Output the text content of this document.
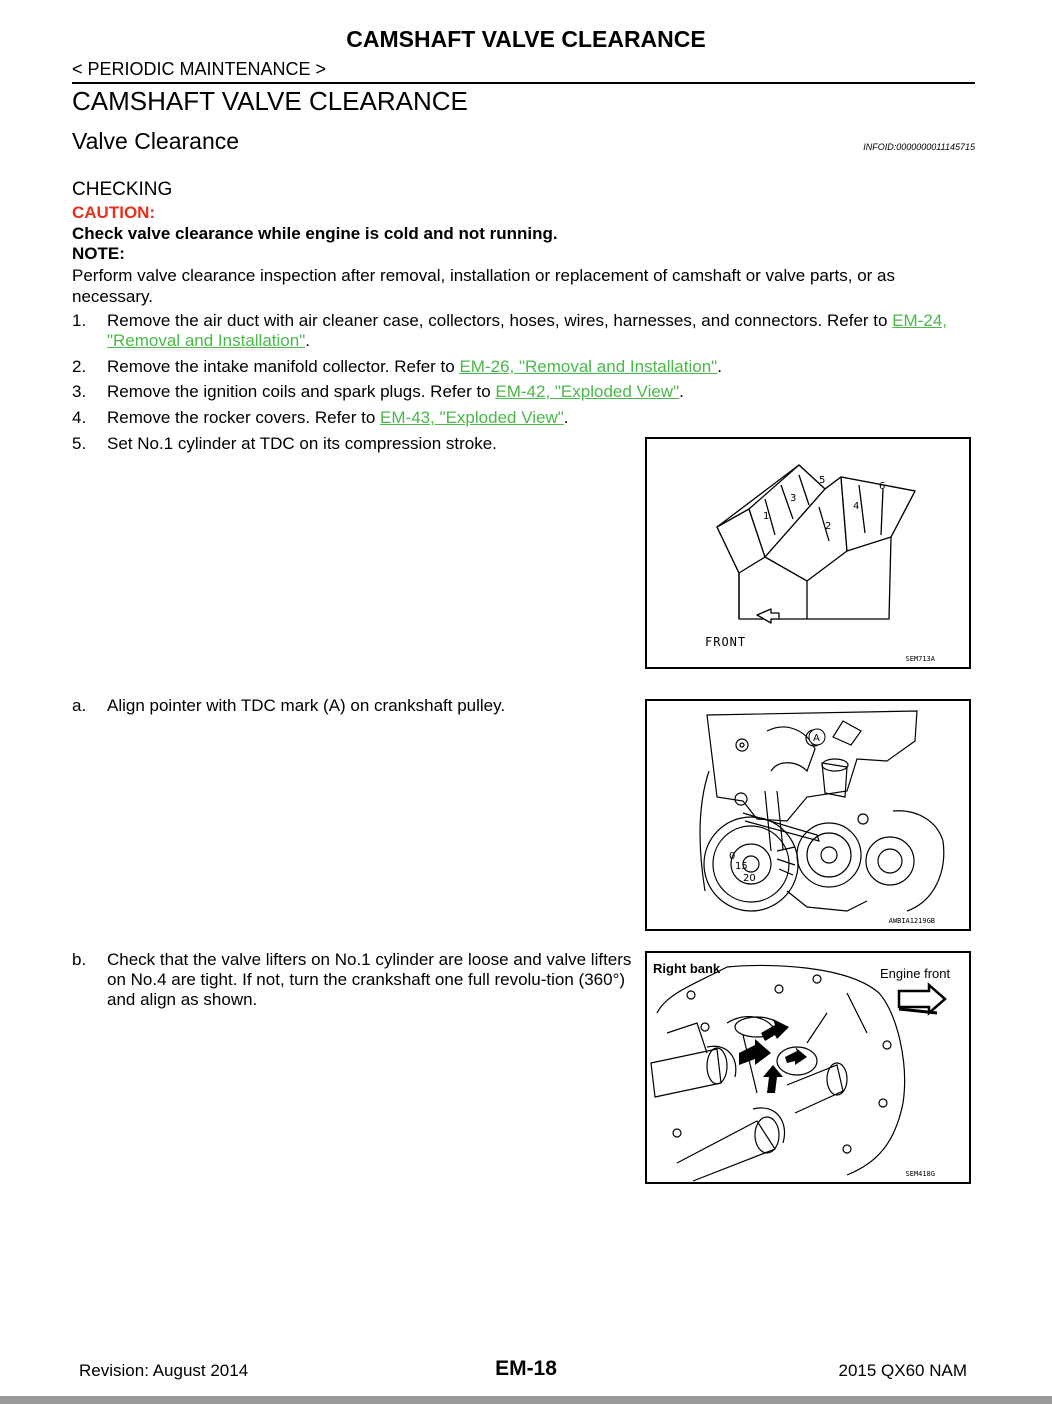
CAMSHAFT VALVE CLEARANCE
< PERIODIC MAINTENANCE >
CAMSHAFT VALVE CLEARANCE
Valve Clearance	INFOID:0000000011145715
CHECKING
CAUTION:
Check valve clearance while engine is cold and not running.
NOTE:
Perform valve clearance inspection after removal, installation or replacement of camshaft or valve parts, or as necessary.
1. Remove the air duct with air cleaner case, collectors, hoses, wires, harnesses, and connectors. Refer to EM-24, "Removal and Installation".
2. Remove the intake manifold collector. Refer to EM-26, "Removal and Installation".
3. Remove the ignition coils and spark plugs. Refer to EM-42, "Exploded View".
4. Remove the rocker covers. Refer to EM-43, "Exploded View".
5. Set No.1 cylinder at TDC on its compression stroke.
1
2
3
4
5
6
FRONT
SEM713A
a. Align pointer with TDC mark (A) on crankshaft pulley.
A
0
15
20
AWBIA1219GB
b. Check that the valve lifters on No.1 cylinder are loose and valve lifters on No.4 are tight. If not, turn the crankshaft one full revolu-tion (360°) and align as shown.
Right bank	Engine front
SEM418G
Revision: August 2014	EM-18	2015 QX60 NAM
